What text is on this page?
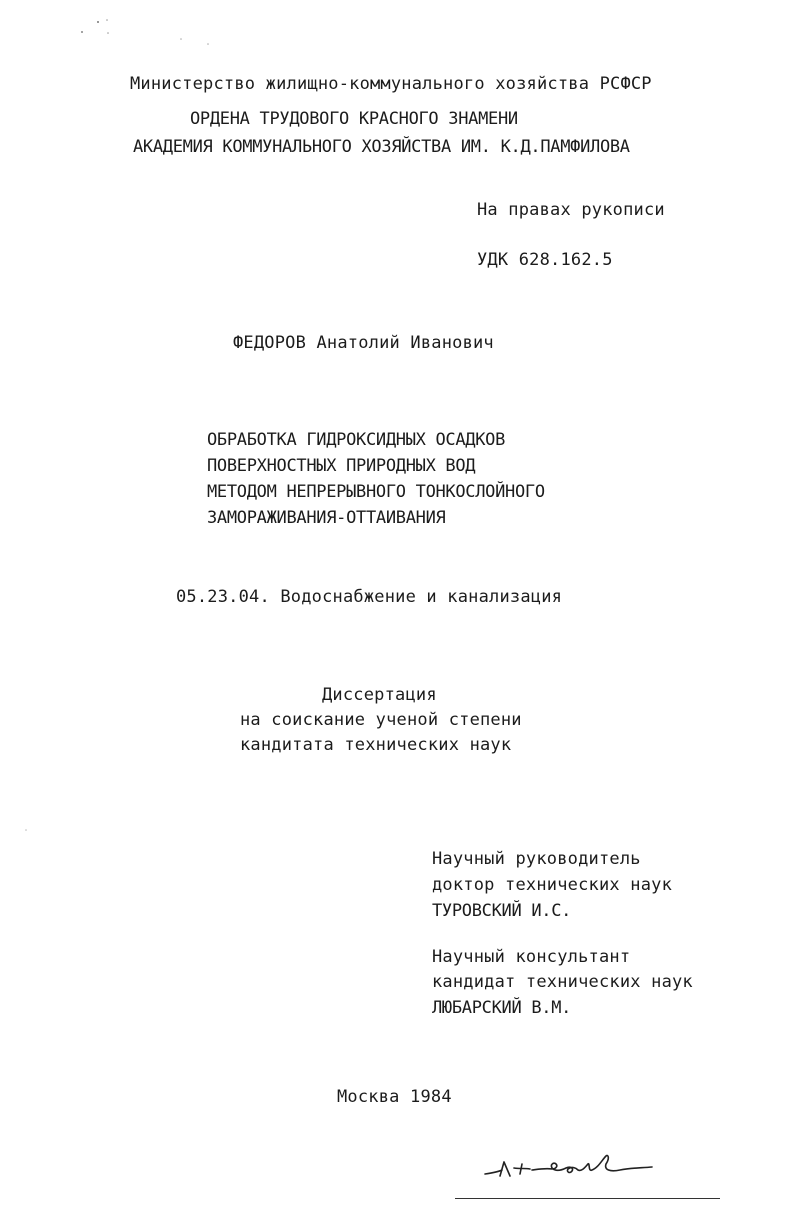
Министерство жилищно-коммунального хозяйства РСФСР
ОРДЕНА ТРУДОВОГО КРАСНОГО ЗНАМЕНИ
АКАДЕМИЯ КОММУНАЛЬНОГО ХОЗЯЙСТВА ИМ. К.Д.ПАМФИЛОВА
На правах рукописи
УДК 628.162.5
ФЕДОРОВ Анатолий Иванович
ОБРАБОТКА ГИДРОКСИДНЫХ ОСАДКОВ
ПОВЕРХНОСТНЫХ ПРИРОДНЫХ ВОД
МЕТОДОМ НЕПРЕРЫВНОГО ТОНКОСЛОЙНОГО
ЗАМОРАЖИВАНИЯ-ОТТАИВАНИЯ
05.23.04. Водоснабжение и канализация
Диссертация
на соискание ученой степени
кандитата технических наук
Научный руководитель
доктор технических наук
ТУРОВСКИЙ И.С.
Научный консультант
кандидат технических наук
ЛЮБАРСКИЙ В.М.
Москва 1984
